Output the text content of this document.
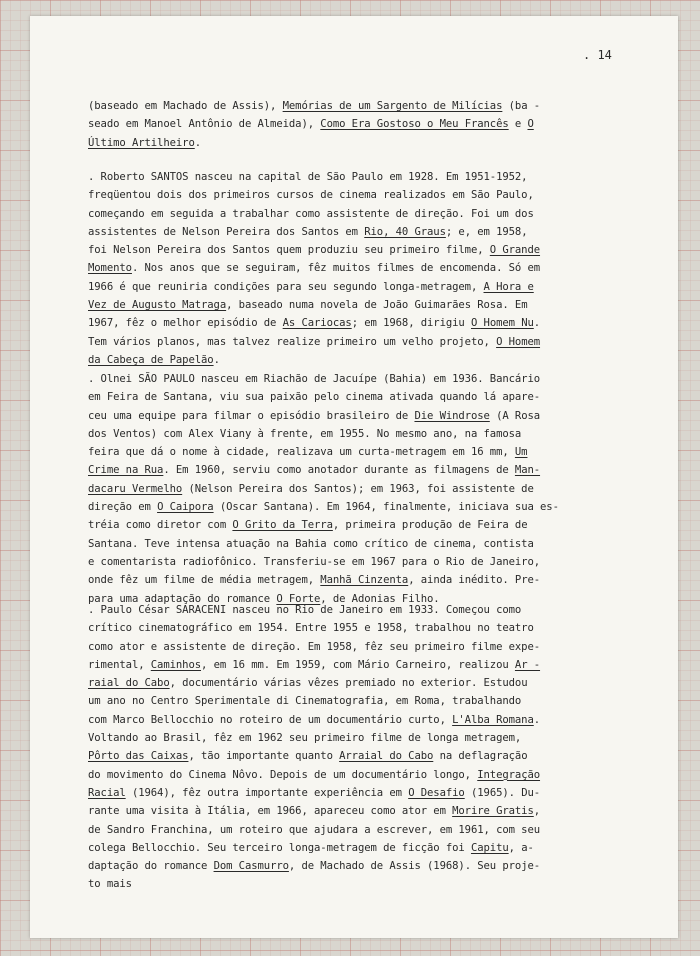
. 14
(baseado em Machado de Assis), Memórias de um Sargento de Milícias (ba -
seado em Manoel Antônio de Almeida), Como Era Gostoso o Meu Francês e O
Último Artilheiro.
. Roberto SANTOS nasceu na capital de São Paulo em 1928. Em 1951-1952,
freqüentou dois dos primeiros cursos de cinema realizados em São Paulo,
começando em seguida a trabalhar como assistente de direção. Foi um dos
assistentes de Nelson Pereira dos Santos em Rio, 40 Graus; e, em 1958,
foi Nelson Pereira dos Santos quem produziu seu primeiro filme, O Grande
Momento. Nos anos que se seguiram, fêz muitos filmes de encomenda. Só em
1966 é que reuniria condições para seu segundo longa-metragem, A Hora e
Vez de Augusto Matraga, baseado numa novela de João Guimarães Rosa. Em
1967, fêz o melhor episódio de As Cariocas; em 1968, dirigiu O Homem Nu.
Tem vários planos, mas talvez realize primeiro um velho projeto, O Homem
da Cabeça de Papelão.
. Olnei SÃO PAULO nasceu em Riachão de Jacuípe (Bahia) em 1936. Bancário
em Feira de Santana, viu sua paixão pelo cinema ativada quando lá apare-
ceu uma equipe para filmar o episódio brasileiro de Die Windrose (A Rosa
dos Ventos) com Alex Viany à frente, em 1955. No mesmo ano, na famosa
feira que dá o nome à cidade, realizava um curta-metragem em 16 mm, Um
Crime na Rua. Em 1960, serviu como anotador durante as filmagens de Man-
dacaru Vermelho (Nelson Pereira dos Santos); em 1963, foi assistente de
direção em O Caipora (Oscar Santana). Em 1964, finalmente, iniciava sua es-
tréia como diretor com O Grito da Terra, primeira produção de Feira de
Santana. Teve intensa atuação na Bahia como crítico de cinema, contista
e comentarista radiofônico. Transferiu-se em 1967 para o Rio de Janeiro,
onde fêz um filme de média metragem, Manhã Cinzenta, ainda inédito. Pre-
para uma adaptação do romance O Forte, de Adonias Filho.
. Paulo César SARACENI nasceu no Rio de Janeiro em 1933. Começou como
crítico cinematográfico em 1954. Entre 1955 e 1958, trabalhou no teatro
como ator e assistente de direção. Em 1958, fêz seu primeiro filme expe-
rimental, Caminhos, em 16 mm. Em 1959, com Mário Carneiro, realizou Ar -
raial do Cabo, documentário várias vêzes premiado no exterior. Estudou
um ano no Centro Sperimentale di Cinematografia, em Roma, trabalhando
com Marco Bellocchio no roteiro de um documentário curto, L'Alba Romana.
Voltando ao Brasil, fêz em 1962 seu primeiro filme de longa metragem,
Pôrto das Caixas, tão importante quanto Arraial do Cabo na deflagração
do movimento do Cinema Nôvo. Depois de um documentário longo, Integração
Racial (1964), fêz outra importante experiência em O Desafio (1965). Du-
rante uma visita à Itália, em 1966, apareceu como ator em Morire Gratis,
de Sandro Franchina, um roteiro que ajudara a escrever, em 1961, com seu
colega Bellocchio. Seu terceiro longa-metragem de ficção foi Capitu, a-
daptação do romance Dom Casmurro, de Machado de Assis (1968). Seu proje-
to mais
